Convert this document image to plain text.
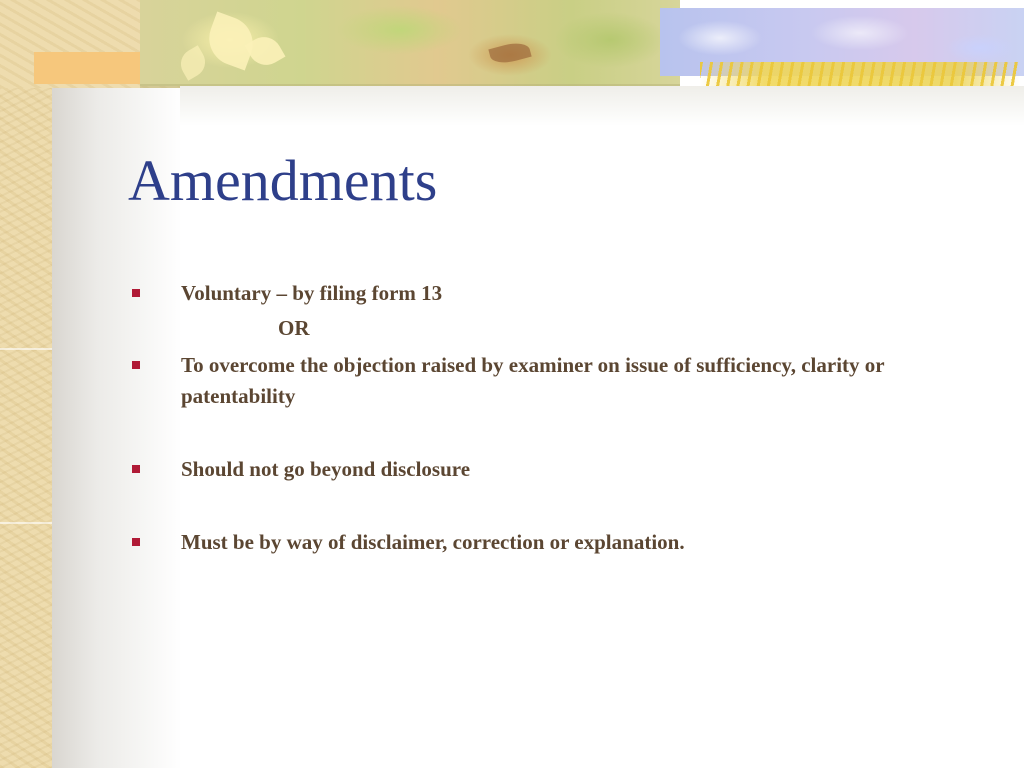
Amendments
Voluntary – by filing form 13
OR
To overcome the objection raised by examiner on issue of sufficiency, clarity or patentability
Should not go beyond disclosure
Must be by way of disclaimer, correction or explanation.
